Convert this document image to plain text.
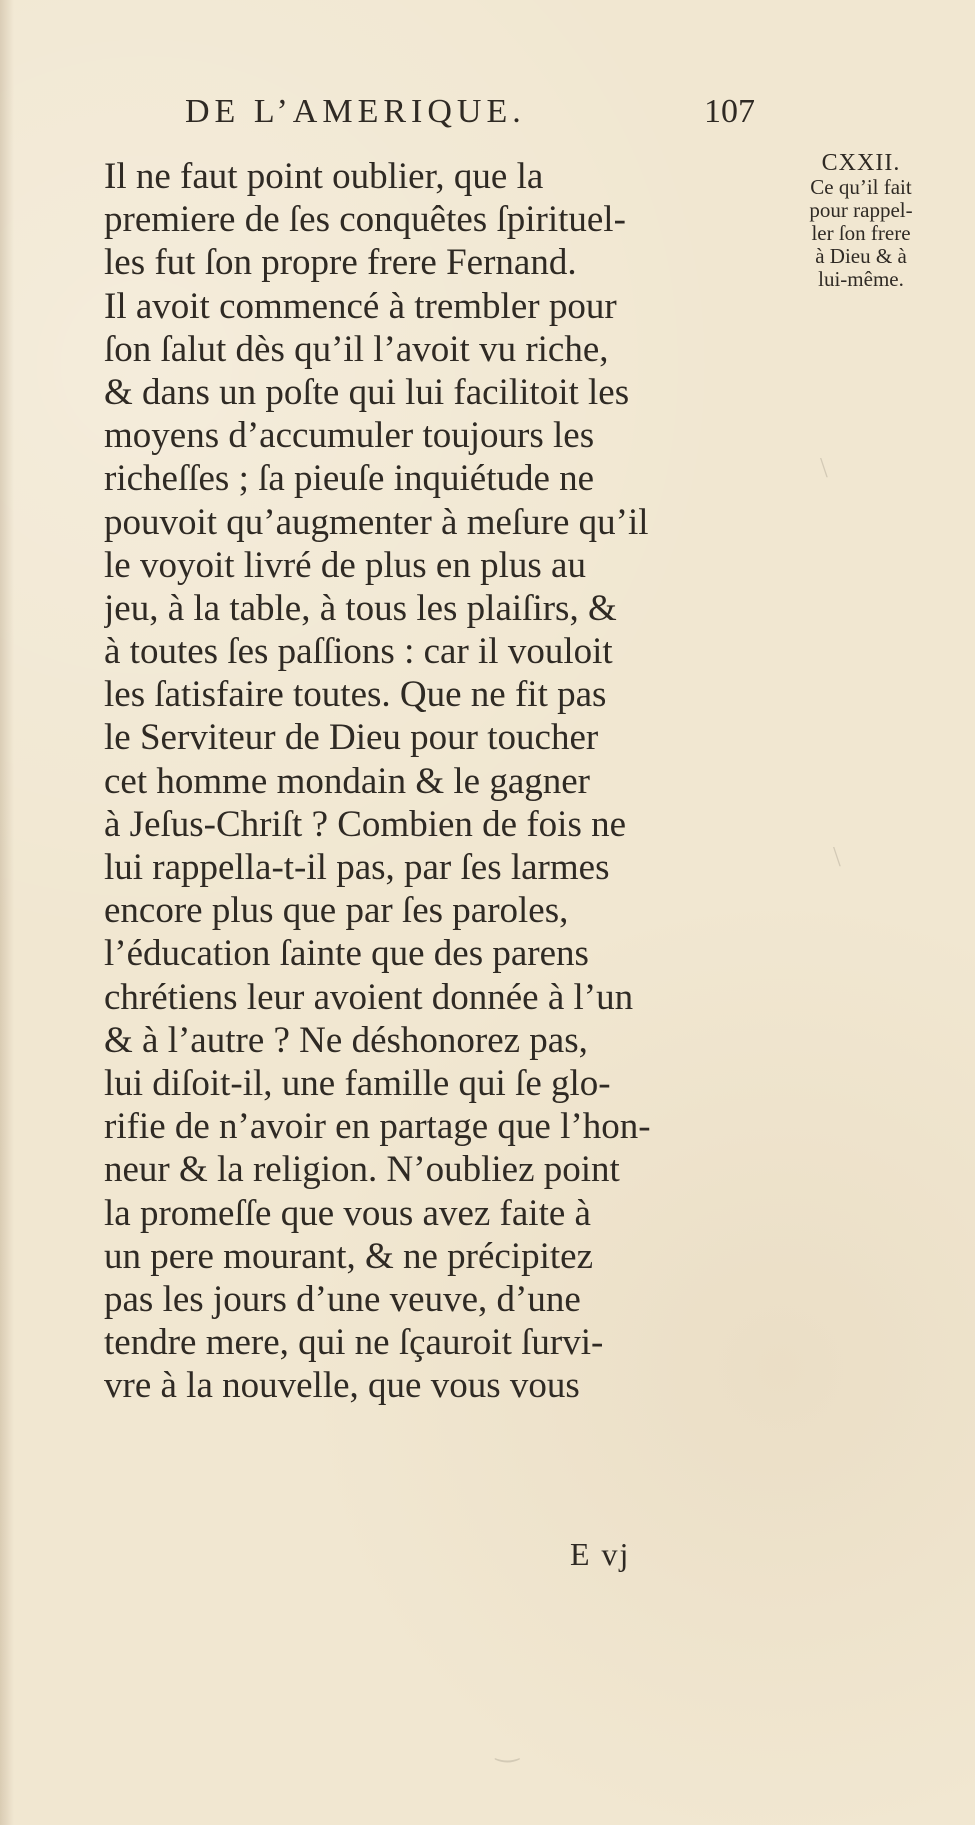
DE L’AMERIQUE.	107
Il ne faut point oublier, que la
premiere de ſes conquêtes ſpirituel-
les fut ſon propre frere Fernand.
Il avoit commencé à trembler pour
ſon ſalut dès qu’il l’avoit vu riche,
& dans un poſte qui lui facilitoit les
moyens d’accumuler toujours les
richeſſes ; ſa pieuſe inquiétude ne
pouvoit qu’augmenter à meſure qu’il
le voyoit livré de plus en plus au
jeu, à la table, à tous les plaiſirs, &
à toutes ſes paſſions : car il vouloit
les ſatisfaire toutes. Que ne fit pas
le Serviteur de Dieu pour toucher
cet homme mondain & le gagner
à Jeſus-Chriſt ? Combien de fois ne
lui rappella-t-il pas, par ſes larmes
encore plus que par ſes paroles,
l’éducation ſainte que des parens
chrétiens leur avoient donnée à l’un
& à l’autre ? Ne déshonorez pas,
lui diſoit-il, une famille qui ſe glo-
rifie de n’avoir en partage que l’hon-
neur & la religion. N’oubliez point
la promeſſe que vous avez faite à
un pere mourant, & ne précipitez
pas les jours d’une veuve, d’une
tendre mere, qui ne ſçauroit ſurvi-
vre à la nouvelle, que vous vous
CXXII.
Ce qu’il fait
pour rappel-
ler ſon frere
à Dieu & à
lui-même.
E vj
\
\
‿
